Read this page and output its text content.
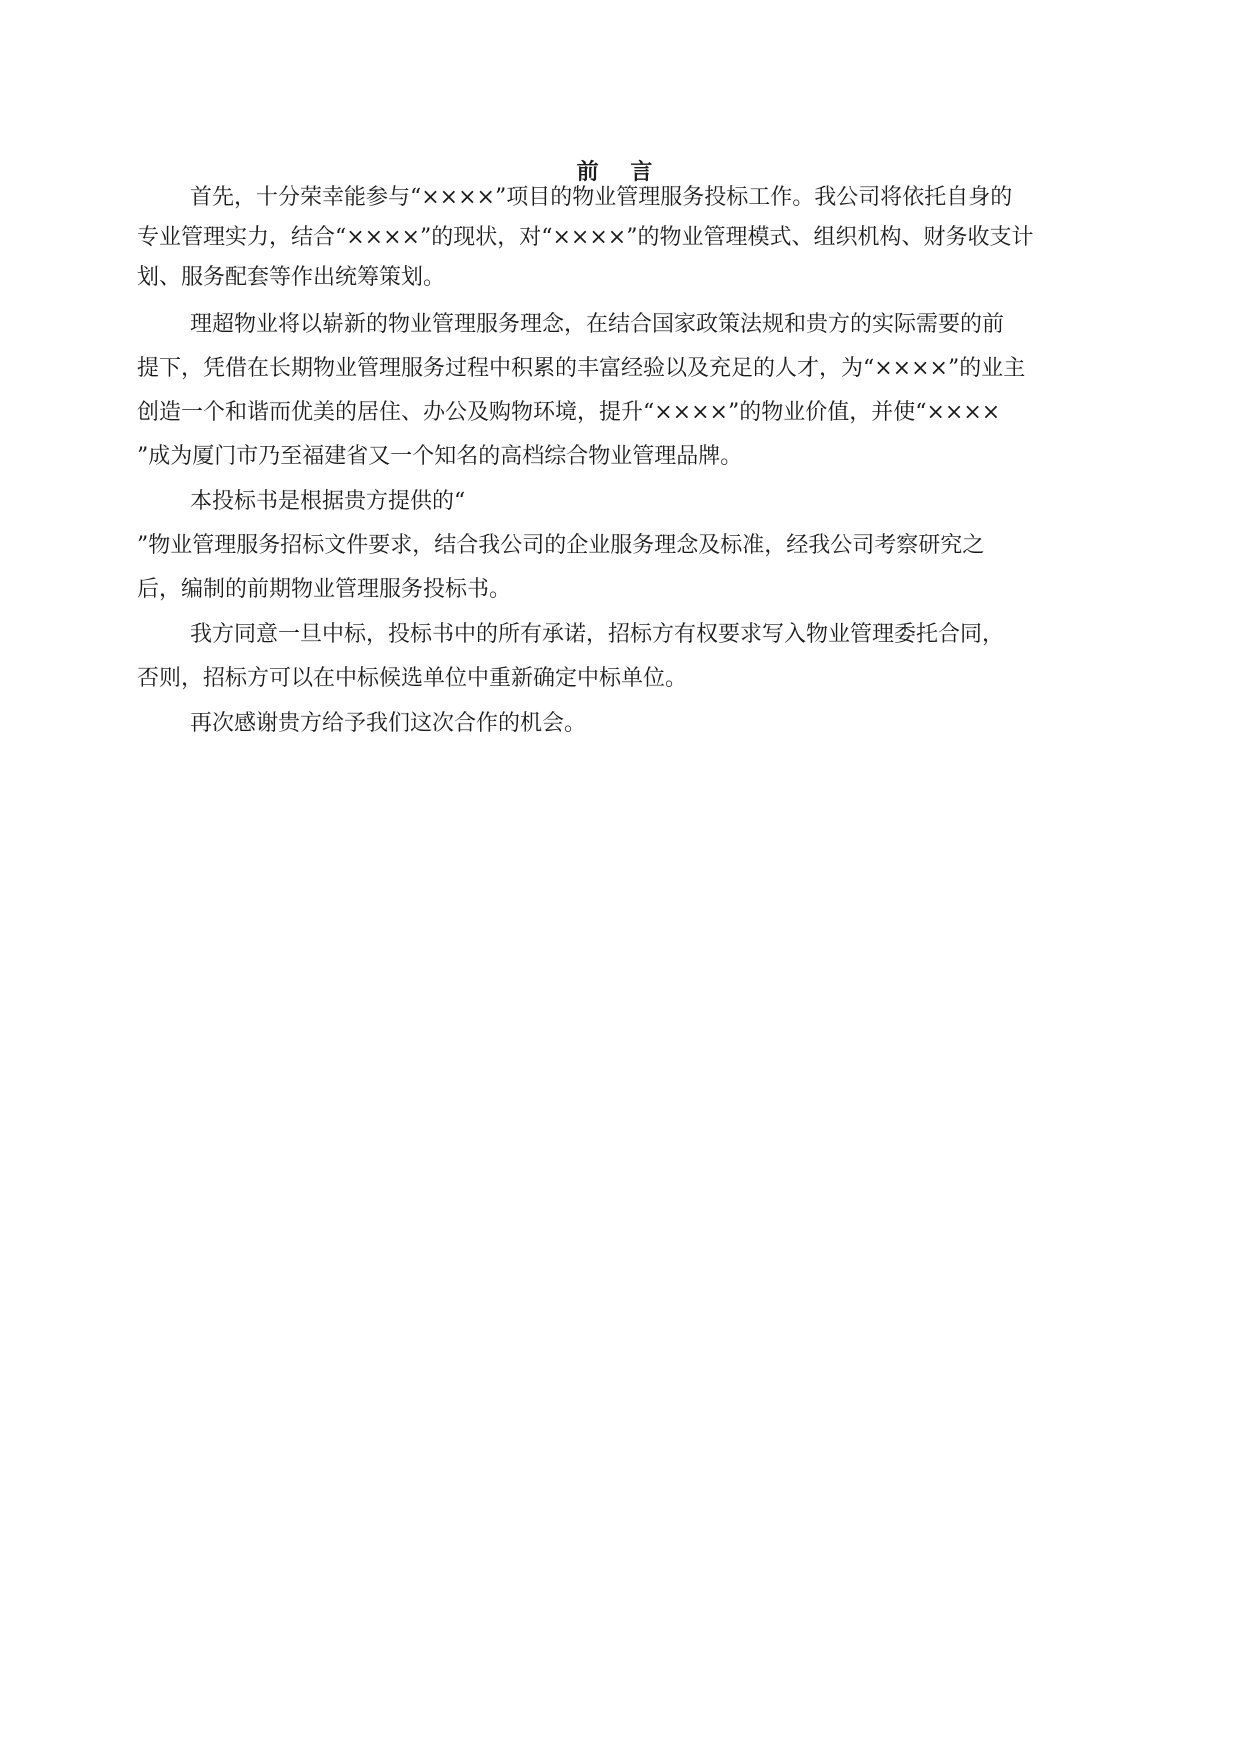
前 言
首先，十分荣幸能参与“××××”项目的物业管理服务投标工作。我公司将依托自身的
专业管理实力，结合“××××”的现状，对“××××”的物业管理模式、组织机构、财务收支计
划、服务配套等作出统筹策划。
理超物业将以崭新的物业管理服务理念，在结合国家政策法规和贵方的实际需要的前
提下，凭借在长期物业管理服务过程中积累的丰富经验以及充足的人才，为“××××”的业主
创造一个和谐而优美的居住、办公及购物环境，提升“××××”的物业价值，并使“××××
”成为厦门市乃至福建省又一个知名的高档综合物业管理品牌。
本投标书是根据贵方提供的“
”物业管理服务招标文件要求，结合我公司的企业服务理念及标准，经我公司考察研究之
后，编制的前期物业管理服务投标书。
我方同意一旦中标，投标书中的所有承诺，招标方有权要求写入物业管理委托合同，
否则，招标方可以在中标候选单位中重新确定中标单位。
再次感谢贵方给予我们这次合作的机会。
